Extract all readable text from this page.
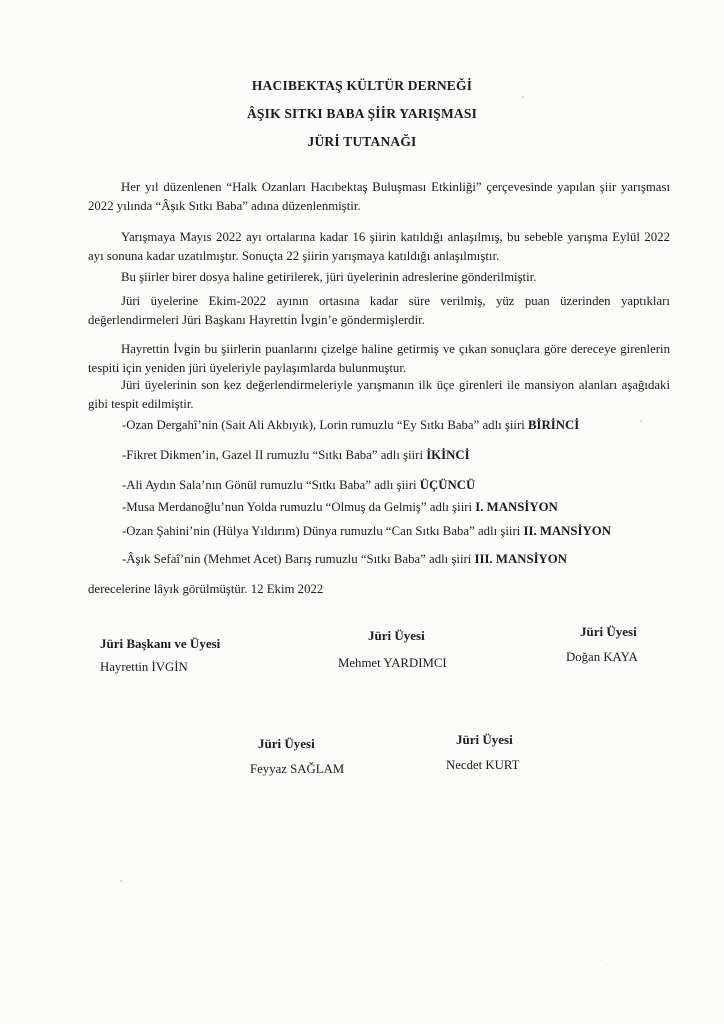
HACIBEKTAŞ KÜLTÜR DERNEĞİ
ÂŞIK SITKI BABA ŞİİR YARIŞMASI
JÜRİ TUTANAĞI
Her yıl düzenlenen “Halk Ozanları Hacıbektaş Buluşması Etkinliği” çerçevesinde yapılan şiir yarışması 2022 yılında “Âşık Sıtkı Baba” adına düzenlenmiştir.
Yarışmaya Mayıs 2022 ayı ortalarına kadar 16 şiirin katıldığı anlaşılmış, bu sebeble yarışma Eylül 2022 ayı sonuna kadar uzatılmıştır. Sonuçta 22 şiirin yarışmaya katıldığı anlaşılmıştır.
Bu şiirler birer dosya haline getirilerek, jüri üyelerinin adreslerine gönderilmiştir.
Jüri üyelerine Ekim-2022 ayının ortasına kadar süre verilmiş, yüz puan üzerinden yaptıkları değerlendirmeleri Jüri Başkanı Hayrettin İvgin’e göndermişlerdir.
Hayrettin İvgin bu şiirlerin puanlarını çizelge haline getirmiş ve çıkan sonuçlara göre dereceye girenlerin tespiti için yeniden jüri üyeleriyle paylaşımlarda bulunmuştur.
Jüri üyelerinin son kez değerlendirmeleriyle yarışmanın ilk üçe girenleri ile mansiyon alanları aşağıdaki gibi tespit edilmiştir.
-Ozan Dergahî’nin (Sait Ali Akbıyık), Lorin rumuzlu “Ey Sıtkı Baba” adlı şiiri BİRİNCİ
-Fikret Dikmen’in, Gazel II rumuzlu “Sıtkı Baba” adlı şiiri İKİNCİ
-Ali Aydın Sala’nın Gönül rumuzlu “Sıtkı Baba” adlı şiiri ÜÇÜNCÜ
-Musa Merdanoğlu’nun Yolda rumuzlu “Olmuş da Gelmiş” adlı şiiri I. MANSİYON
-Ozan Şahini’nin (Hülya Yıldırım) Dünya rumuzlu “Can Sıtkı Baba” adlı şiiri II. MANSİYON
-Âşık Sefaî’nin (Mehmet Acet) Barış rumuzlu “Sıtkı Baba” adlı şiiri III. MANSİYON
derecelerine lâyık görülmüştür. 12 Ekim 2022
Jüri Başkanı ve Üyesi
Hayrettin İVGİN
Jüri Üyesi
Mehmet YARDIMCI
Jüri Üyesi
Doğan KAYA
Jüri Üyesi
Feyyaz SAĞLAM
Jüri Üyesi
Necdet KURT
